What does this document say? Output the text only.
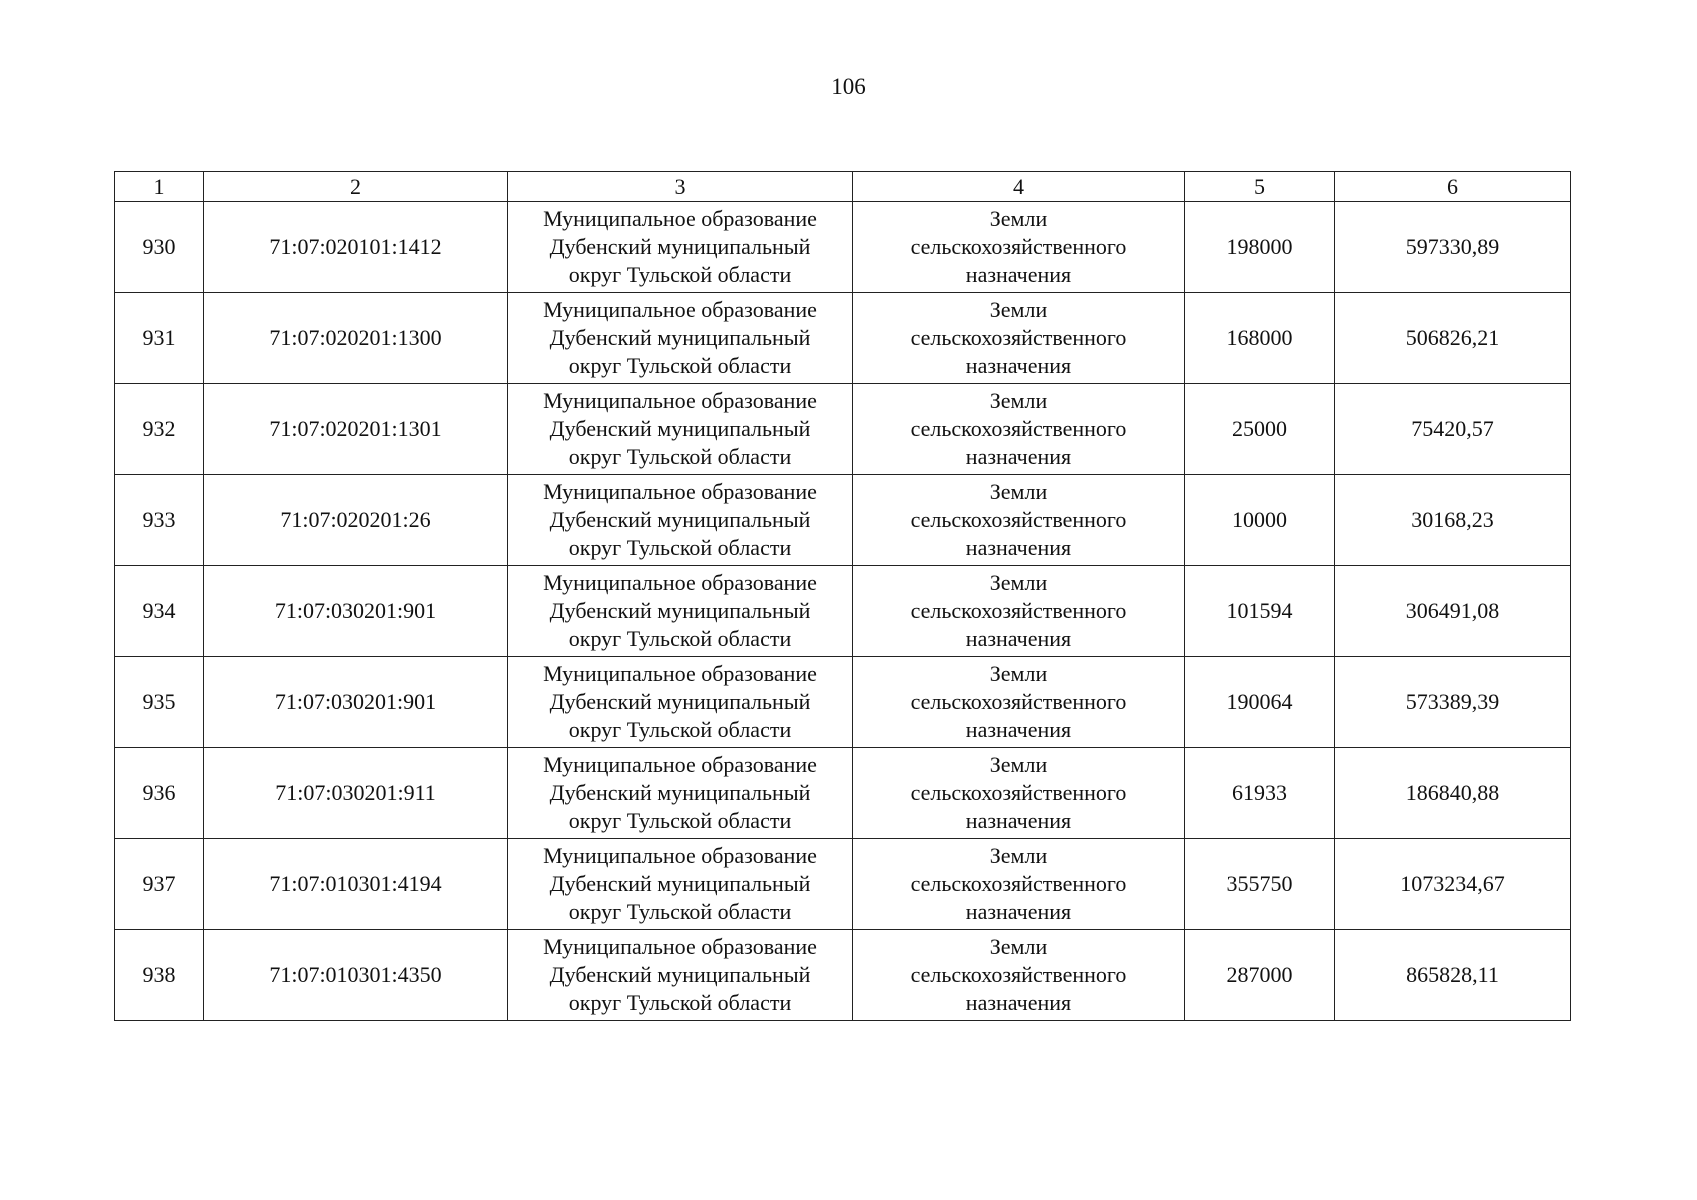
106
1	2	3	4	5	6
930	71:07:020101:1412	Муниципальное образование
Дубенский муниципальный
округ Тульской области	Земли
сельскохозяйственного
назначения	198000	597330,89
931	71:07:020201:1300	Муниципальное образование
Дубенский муниципальный
округ Тульской области	Земли
сельскохозяйственного
назначения	168000	506826,21
932	71:07:020201:1301	Муниципальное образование
Дубенский муниципальный
округ Тульской области	Земли
сельскохозяйственного
назначения	25000	75420,57
933	71:07:020201:26	Муниципальное образование
Дубенский муниципальный
округ Тульской области	Земли
сельскохозяйственного
назначения	10000	30168,23
934	71:07:030201:901	Муниципальное образование
Дубенский муниципальный
округ Тульской области	Земли
сельскохозяйственного
назначения	101594	306491,08
935	71:07:030201:901	Муниципальное образование
Дубенский муниципальный
округ Тульской области	Земли
сельскохозяйственного
назначения	190064	573389,39
936	71:07:030201:911	Муниципальное образование
Дубенский муниципальный
округ Тульской области	Земли
сельскохозяйственного
назначения	61933	186840,88
937	71:07:010301:4194	Муниципальное образование
Дубенский муниципальный
округ Тульской области	Земли
сельскохозяйственного
назначения	355750	1073234,67
938	71:07:010301:4350	Муниципальное образование
Дубенский муниципальный
округ Тульской области	Земли
сельскохозяйственного
назначения	287000	865828,11
